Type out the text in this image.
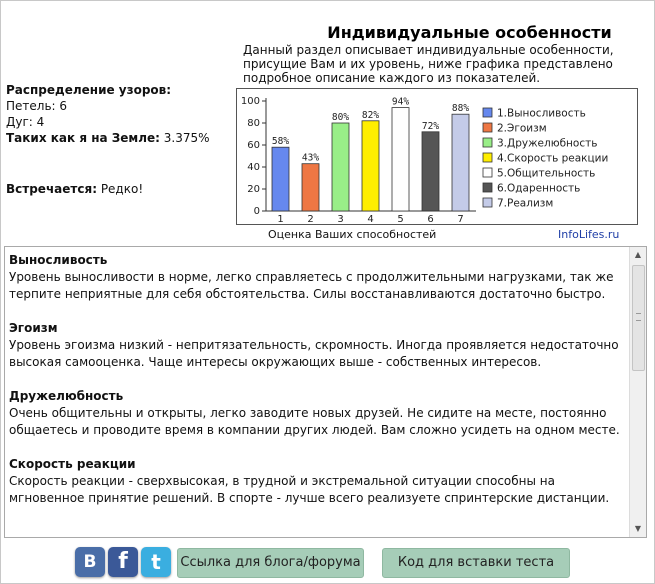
Распределение узоров:
Петель: 6
Дуг: 4
Таких как я на Земле: 3.375%
Встречается: Редко!
Индивидуальные особенности
Данный раздел описывает индивидуальные особенности, присущие Вам и их уровень, ниже графика представлено подробное описание каждого из показателей.
0
20
40
60
80
100
58%
1
43%
2
80%
3
82%
4
94%
5
72%
6
88%
7
1.Выносливость
2.Эгоизм
3.Дружелюбность
4.Скорость реакции
5.Общительность
6.Одаренность
7.Реализм
Оценка Ваших способностей	InfoLifes.ru
Выносливость
Уровень выносливости в норме, легко справляетесь с продолжительными нагрузками, так же терпите неприятные для себя обстоятельства. Силы восстанавливаются достаточно быстро.
Эгоизм
Уровень эгоизма низкий - непритязательность, скромность. Иногда проявляется недостаточно высокая самооценка. Чаще интересы окружающих выше - собственных интересов.
Дружелюбность
Очень общительны и открыты, легко заводите новых друзей. Не сидите на месте, постоянно общаетесь и проводите время в компании других людей. Вам сложно усидеть на одном месте.
Скорость реакции
Скорость реакции - сверхвысокая, в трудной и экстремальной ситуации способны на мгновенное принятие решений. В спорте - лучше всего реализуете спринтерские дистанции.
▲
▼
B f	t	Ссылка для блога/форума	Код для вставки теста
